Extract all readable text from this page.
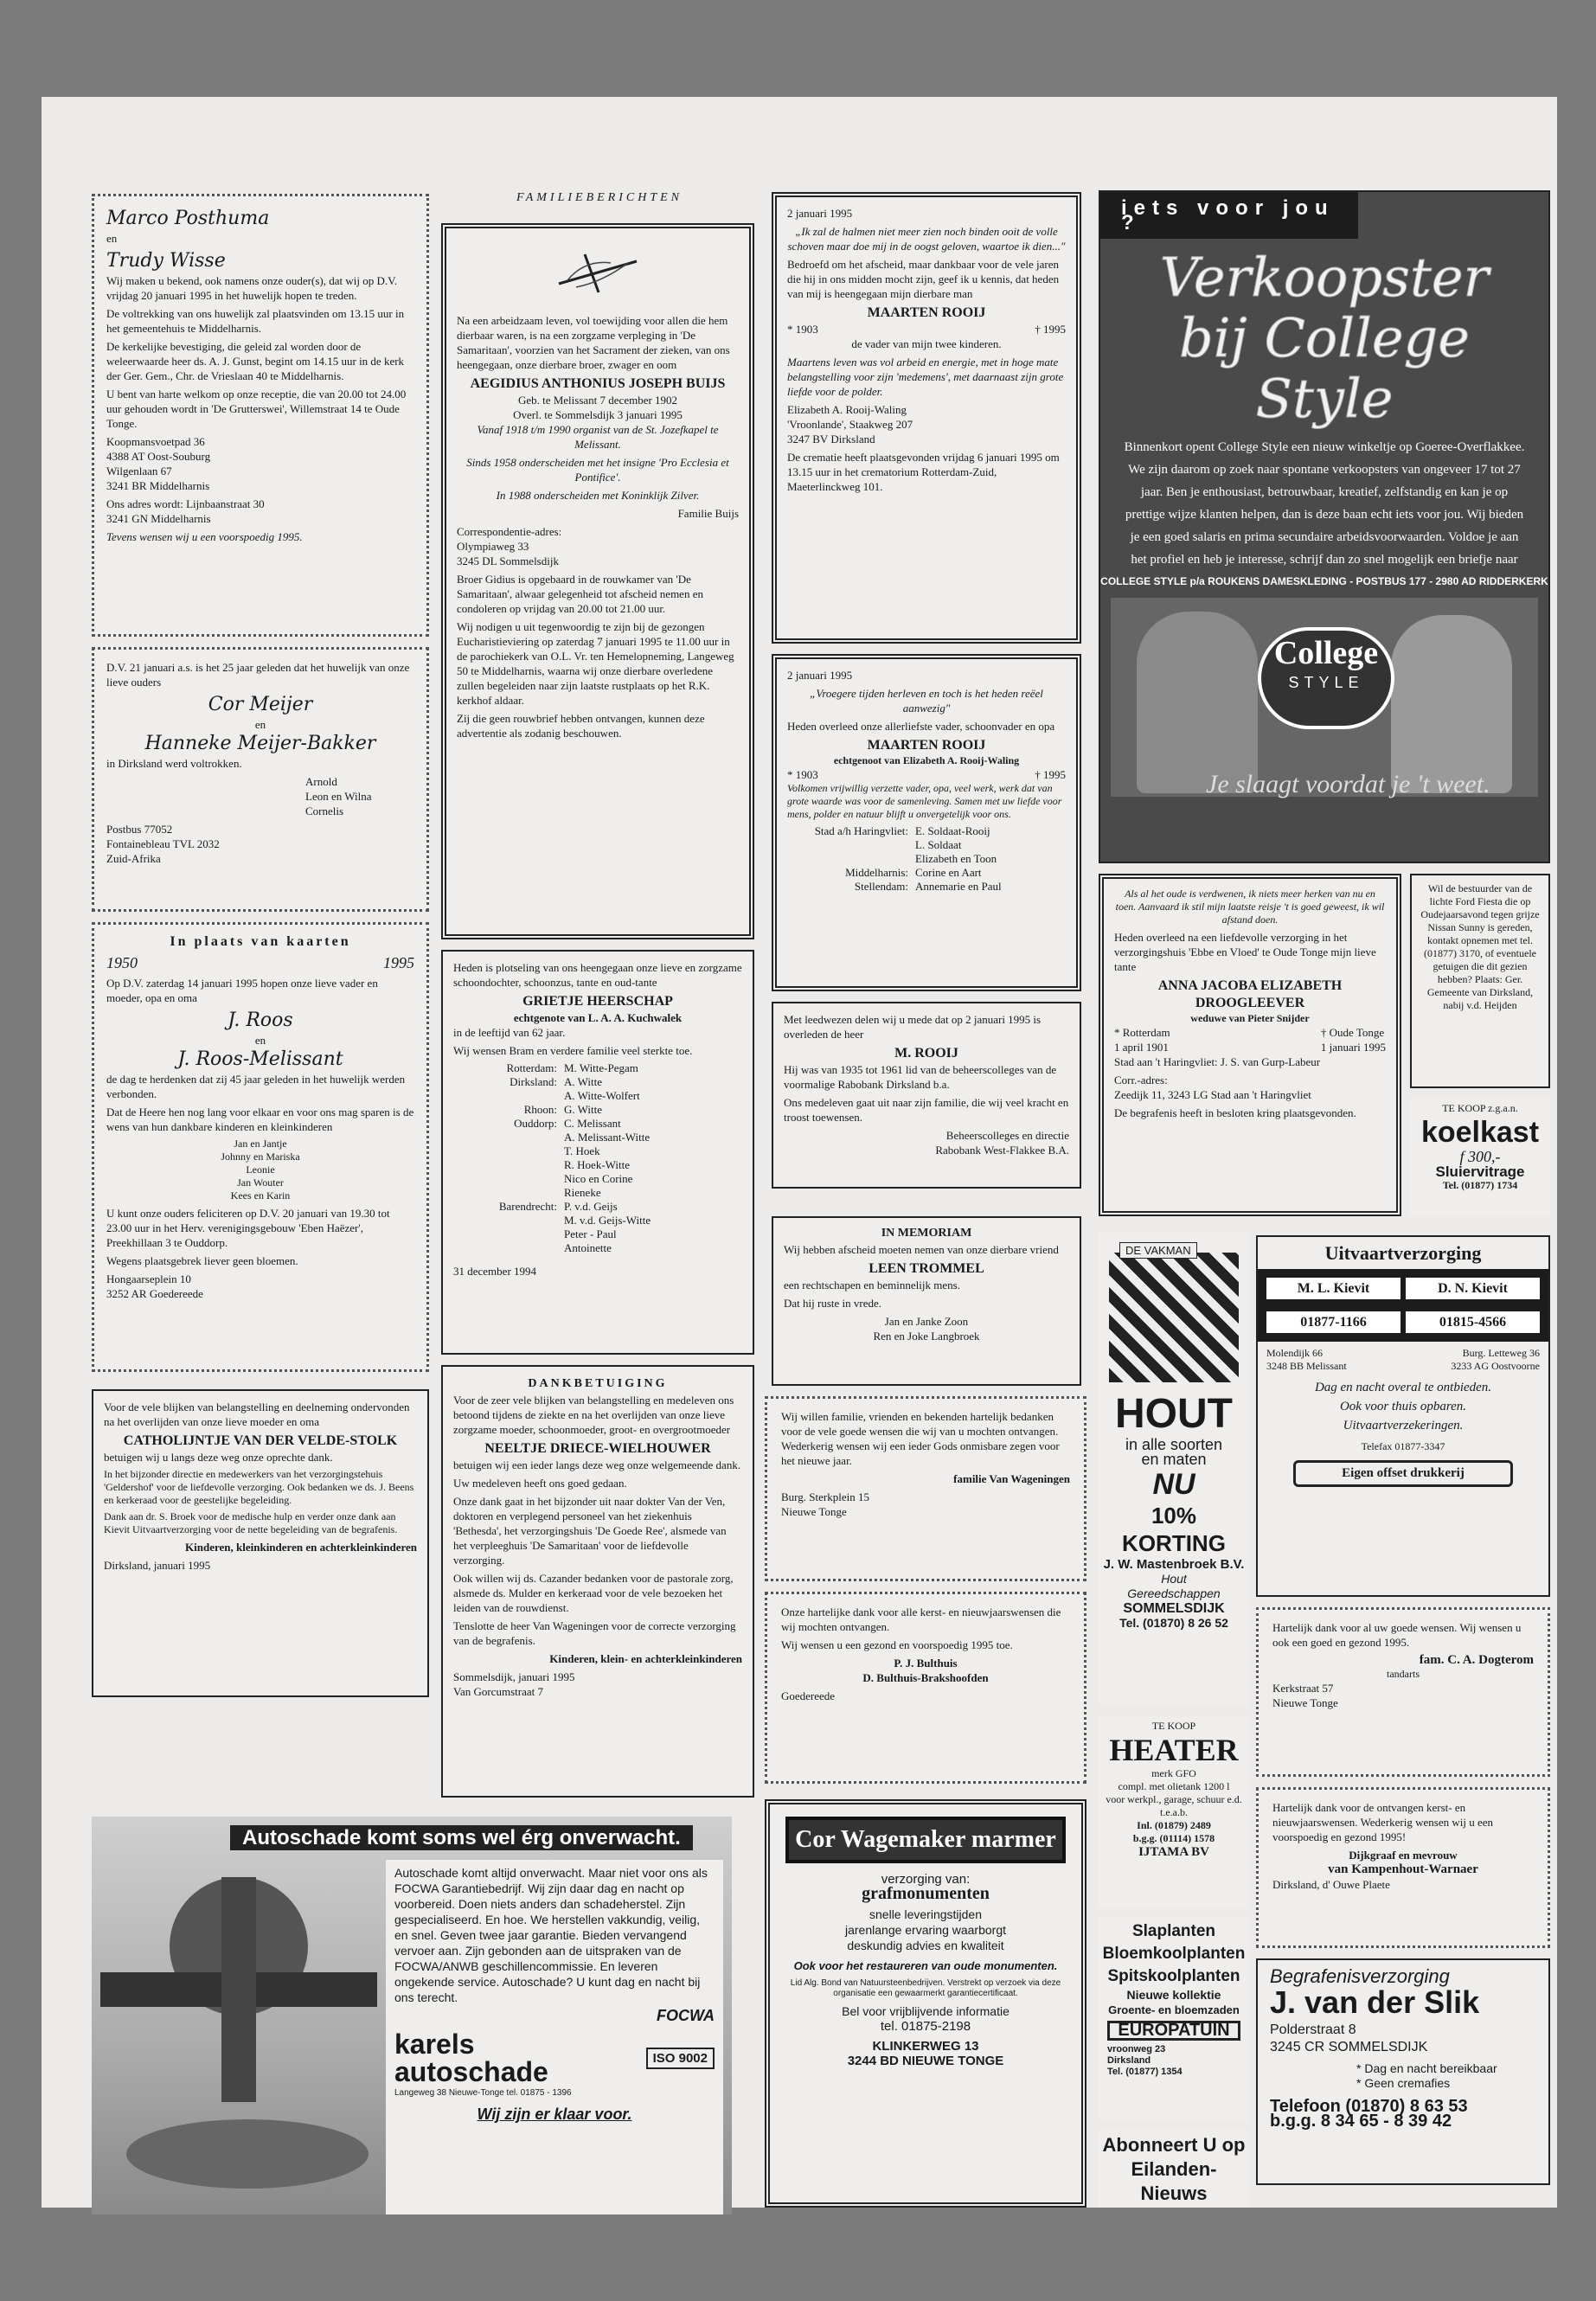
Marco Posthuma
en
Trudy Wisse

Wij maken u bekend, ook namens onze ouder(s), dat wij op D.V. vrijdag 20 januari 1995 in het huwelijk hopen te treden.

De voltrekking van ons huwelijk zal plaatsvinden om 13.15 uur in het gemeentehuis te Middelharnis.

De kerkelijke bevestiging, die geleid zal worden door de weleerwaarde heer ds. A. J. Gunst, begint om 14.15 uur in de kerk der Ger. Gem., Chr. de Vrieslaan 40 te Middelharnis.

U bent van harte welkom op onze receptie, die van 20.00 tot 24.00 uur gehouden wordt in 'De Grutterswei', Willemstraat 14 te Oude Tonge.

Koopmansvoetpad 36
4388 AT Oost-Souburg
Wilgenlaan 67
3241 BR Middelharnis

Ons adres wordt: Lijnbaanstraat 30
3241 GN Middelharnis

Tevens wensen wij u een voorspoedig 1995.

D.V. 21 januari a.s. is het 25 jaar geleden dat het huwelijk van onze lieve ouders

Cor Meijer
en
Hanneke Meijer-Bakker

in Dirksland werd voltrokken.

Arnold
Leon en Wilna
Cornelis

Postbus 77052
Fontainebleau TVL 2032
Zuid-Afrika

In plaats van kaarten
1950	1995

Op D.V. zaterdag 14 januari 1995 hopen onze lieve vader en moeder, opa en oma

J. Roos
en
J. Roos-Melissant

de dag te herdenken dat zij 45 jaar geleden in het huwelijk werden verbonden.

Dat de Heere hen nog lang voor elkaar en voor ons mag sparen is de wens van hun dankbare kinderen en kleinkinderen

Jan en Jantje
Johnny en Mariska
Leonie
Jan Wouter
Kees en Karin

U kunt onze ouders feliciteren op D.V. 20 januari van 19.30 tot 23.00 uur in het Herv. verenigingsgebouw 'Eben Haëzer', Preekhillaan 3 te Ouddorp.

Wegens plaatsgebrek liever geen bloemen.

Hongaarseplein 10
3252 AR Goedereede

Voor de vele blijken van belangstelling en deelneming ondervonden na het overlijden van onze lieve moeder en oma

CATHOLIJNTJE VAN DER VELDE-STOLK

betuigen wij u langs deze weg onze oprechte dank.

In het bijzonder directie en medewerkers van het verzorgingstehuis 'Geldershof' voor de liefdevolle verzorging. Ook bedanken we ds. J. Beens en kerkeraad voor de geestelijke begeleiding.

Dank aan dr. S. Broek voor de medische hulp en verder onze dank aan Kievit Uitvaartverzorging voor de nette begeleiding van de begrafenis.

Kinderen, kleinkinderen en achterkleinkinderen

Dirksland, januari 1995

FAMILIEBERICHTEN

Na een arbeidzaam leven, vol toewijding voor allen die hem dierbaar waren, is na een zorgzame verpleging in 'De Samaritaan', voorzien van het Sacrament der zieken, van ons heengegaan, onze dierbare broer, zwager en oom

AEGIDIUS ANTHONIUS JOSEPH BUIJS
Geb. te Melissant 7 december 1902
Overl. te Sommelsdijk 3 januari 1995

Vanaf 1918 t/m 1990 organist van de St. Jozefkapel te Melissant.

Sinds 1958 onderscheiden met het insigne 'Pro Ecclesia et Pontifice'.

In 1988 onderscheiden met Koninklijk Zilver.

Familie Buijs

Correspondentie-adres:
Olympiaweg 33
3245 DL Sommelsdijk

Broer Gidius is opgebaard in de rouwkamer van 'De Samaritaan', alwaar gelegenheid tot afscheid nemen en condoleren op vrijdag van 20.00 tot 21.00 uur.

Wij nodigen u uit tegenwoordig te zijn bij de gezongen Eucharistieviering op zaterdag 7 januari 1995 te 11.00 uur in de parochiekerk van O.L. Vr. ten Hemelopneming, Langeweg 50 te Middelharnis, waarna wij onze dierbare overledene zullen begeleiden naar zijn laatste rustplaats op het R.K. kerkhof aldaar.

Zij die geen rouwbrief hebben ontvangen, kunnen deze advertentie als zodanig beschouwen.

Heden is plotseling van ons heengegaan onze lieve en zorgzame schoondochter, schoonzus, tante en oud-tante

GRIETJE HEERSCHAP
echtgenote van L. A. A. Kuchwalek

in de leeftijd van 62 jaar.

Wij wensen Bram en verdere familie veel sterkte toe.

Rotterdam: M. Witte-Pegam
Dirksland: A. Witte
A. Witte-Wolfert
Rhoon: G. Witte
Ouddorp: C. Melissant
A. Melissant-Witte
T. Hoek
R. Hoek-Witte
Nico en Corine
Rieneke
Barendrecht: P. v.d. Geijs
M. v.d. Geijs-Witte
Peter - Paul
Antoinette

31 december 1994

DANKBETUIGING

Voor de zeer vele blijken van belangstelling en medeleven ons betoond tijdens de ziekte en na het overlijden van onze lieve zorgzame moeder, schoonmoeder, groot- en overgrootmoeder

NEELTJE DRIECE-WIELHOUWER

betuigen wij een ieder langs deze weg onze welgemeende dank.

Uw medeleven heeft ons goed gedaan.

Onze dank gaat in het bijzonder uit naar dokter Van der Ven, doktoren en verplegend personeel van het ziekenhuis 'Bethesda', het verzorgingshuis 'De Goede Ree', alsmede van het verpleeghuis 'De Samaritaan' voor de liefdevolle verzorging.

Ook willen wij ds. Cazander bedanken voor de pastorale zorg, alsmede ds. Mulder en kerkeraad voor de vele bezoeken het leiden van de rouwdienst.

Tenslotte de heer Van Wageningen voor de correcte verzorging van de begrafenis.

Kinderen, klein- en achterkleinkinderen

Sommelsdijk, januari 1995
Van Gorcumstraat 7

2 januari 1995

„Ik zal de halmen niet meer zien noch binden ooit de volle schoven maar doe mij in de oogst geloven, waartoe ik dien..."

Bedroefd om het afscheid, maar dankbaar voor de vele jaren die hij in ons midden mocht zijn, geef ik u kennis, dat heden van mij is heengegaan mijn dierbare man

MAARTEN ROOIJ
* 1903	† 1995

de vader van mijn twee kinderen.

Maartens leven was vol arbeid en energie, met in hoge mate belangstelling voor zijn 'medemens', met daarnaast zijn grote liefde voor de polder.

Elizabeth A. Rooij-Waling
'Vroonlande', Staakweg 207
3247 BV Dirksland

De crematie heeft plaatsgevonden vrijdag 6 januari 1995 om 13.15 uur in het crematorium Rotterdam-Zuid, Maeterlinckweg 101.

2 januari 1995

„Vroegere tijden herleven en toch is het heden reëel aanwezig"

Heden overleed onze allerliefste vader, schoonvader en opa

MAARTEN ROOIJ
echtgenoot van Elizabeth A. Rooij-Waling
* 1903	† 1995

Volkomen vrijwillig verzette vader, opa, veel werk, werk dat van grote waarde was voor de samenleving. Samen met uw liefde voor mens, polder en natuur blijft u onvergetelijk voor ons.

Stad a/h Haringvliet: E. Soldaat-Rooij
L. Soldaat
Elizabeth en Toon
Middelharnis: Corine en Aart
Stellendam: Annemarie en Paul

Met leedwezen delen wij u mede dat op 2 januari 1995 is overleden de heer

M. ROOIJ

Hij was van 1935 tot 1961 lid van de beheerscolleges van de voormalige Rabobank Dirksland b.a.

Ons medeleven gaat uit naar zijn familie, die wij veel kracht en troost toewensen.

Beheerscolleges en directie
Rabobank West-Flakkee B.A.

IN MEMORIAM

Wij hebben afscheid moeten nemen van onze dierbare vriend

LEEN TROMMEL

een rechtschapen en beminnelijk mens.

Dat hij ruste in vrede.

Jan en Janke Zoon
Ren en Joke Langbroek

Wij willen familie, vrienden en bekenden hartelijk bedanken voor de vele goede wensen die wij van u mochten ontvangen. Wederkerig wensen wij een ieder Gods onmisbare zegen voor het nieuwe jaar.

familie Van Wageningen

Burg. Sterkplein 15
Nieuwe Tonge

Onze hartelijke dank voor alle kerst- en nieuwjaarswensen die wij mochten ontvangen.

Wij wensen u een gezond en voorspoedig 1995 toe.

P. J. Bulthuis
D. Bulthuis-Brakshoofden

Goedereede

iets voor jou ?
Verkoopster bij College Style

Binnenkort opent College Style een nieuw winkeltje op Goeree-Overflakkee. We zijn daarom op zoek naar spontane verkoopsters van ongeveer 17 tot 27 jaar. Ben je enthousiast, betrouwbaar, kreatief, zelfstandig en kan je op prettige wijze klanten helpen, dan is deze baan echt iets voor jou. Wij bieden je een goed salaris en prima secundaire arbeidsvoorwaarden. Voldoe je aan het profiel en heb je interesse, schrijf dan zo snel mogelijk een briefje naar

COLLEGE STYLE p/a ROUKENS DAMESKLEDING - POSTBUS 177 - 2980 AD RIDDERKERK

College
STYLE
Je slaagt voordat je 't weet.

Als al het oude is verdwenen, ik niets meer herken van nu en toen. Aanvaard ik stil mijn laatste reisje 't is goed geweest, ik wil afstand doen.

Heden overleed na een liefdevolle verzorging in het verzorgingshuis 'Ebbe en Vloed' te Oude Tonge mijn lieve tante

ANNA JACOBA ELIZABETH DROOGLEEVER
weduwe van Pieter Snijder
* Rotterdam
1 april 1901
† Oude Tonge
1 januari 1995

Stad aan 't Haringvliet: J. S. van Gurp-Labeur

Corr.-adres:
Zeedijk 11, 3243 LG Stad aan 't Haringvliet

De begrafenis heeft in besloten kring plaatsgevonden.

Wil de bestuurder van de lichte Ford Fiesta die op Oudejaarsavond tegen grijze Nissan Sunny is gereden, kontakt opnemen met tel. (01877) 3170, of eventuele getuigen die dit gezien hebben? Plaats: Ger. Gemeente van Dirksland, nabij v.d. Heijden

TE KOOP z.g.a.n.
koelkast
f 300,-
Sluiervitrage
Tel. (01877) 1734
DE VAKMAN
HOUT
in alle soorten
en maten
NU
10% KORTING
J. W. Mastenbroek B.V.
Hout
Gereedschappen
SOMMELSDIJK
Tel. (01870) 8 26 52
Uitvaartverzorging
M. L. Kievit	D. N. Kievit
01877-1166	01815-4566
Molendijk 66
3248 BB Melissant
Burg. Letteweg 36
3233 AG Oostvoorne
Dag en nacht overal te ontbieden.
Ook voor thuis opbaren.
Uitvaartverzekeringen.
Telefax 01877-3347
Eigen offset drukkerij

Hartelijk dank voor al uw goede wensen. Wij wensen u ook een goed en gezond 1995.

fam. C. A. Dogterom
tandarts

Kerkstraat 57
Nieuwe Tonge

TE KOOP
HEATER
merk GFO
compl. met olietank 1200 l
voor werkpl., garage, schuur e.d.
t.e.a.b.
Inl. (01879) 2489
b.g.g. (01114) 1578
IJTAMA BV

Hartelijk dank voor de ontvangen kerst- en nieuwjaarswensen. Wederkerig wensen wij u een voorspoedig en gezond 1995!

Dijkgraaf en mevrouw
van Kampenhout-Warnaer

Dirksland, d' Ouwe Plaete

Autoschade komt soms wel érg onverwacht.

Autoschade komt altijd onverwacht. Maar niet voor ons als FOCWA Garantiebedrijf. Wij zijn daar dag en nacht op voorbereid. Doen niets anders dan schadeherstel. Zijn gespecialiseerd. En hoe. We herstellen vakkundig, veilig, en snel. Geven twee jaar garantie. Bieden vervangend vervoer aan. Zijn gebonden aan de uitspraken van de FOCWA/ANWB geschillencommissie. En leveren ongekende service. Autoschade? U kunt dag en nacht bij ons terecht.

FOCWA
karels autoschade	ISO 9002
Langeweg 38 Nieuwe-Tonge tel. 01875 - 1396
Wij zijn er klaar voor.
Cor Wagemaker marmer
verzorging van:
grafmonumenten
snelle leveringstijden
jarenlange ervaring waarborgt
deskundig advies en kwaliteit
Ook voor het restaureren van oude monumenten.
Lid Alg. Bond van Natuursteenbedrijven. Verstrekt op verzoek via deze organisatie een gewaarmerkt garantiecertificaat.
Bel voor vrijblijvende informatie
tel. 01875-2198
KLINKERWEG 13
3244 BD NIEUWE TONGE
Slaplanten
Bloemkoolplanten
Spitskoolplanten
Nieuwe kollektie
Groente- en bloemzaden
EUROPATUIN
vroonweg 23
Dirksland
Tel. (01877) 1354
Abonneert U op
Eilanden-Nieuws
Begrafenisverzorging
J. van der Slik
Polderstraat 8
3245 CR SOMMELSDIJK
* Dag en nacht bereikbaar
* Geen cremafies
Telefoon (01870) 8 63 53
b.g.g. 8 34 65 - 8 39 42
